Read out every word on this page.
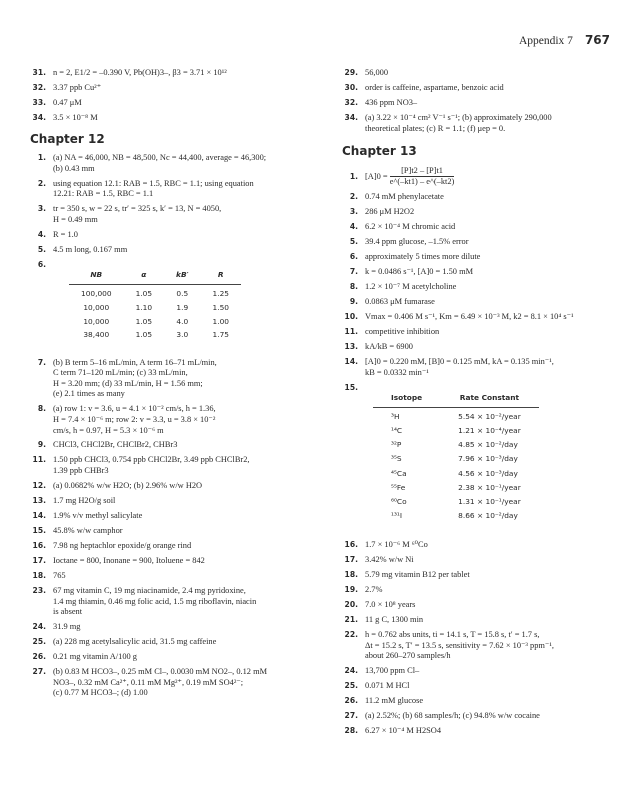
Appendix 7 767
31. n = 2, E1/2 = –0.390 V, Pb(OH)3–, β3 = 3.71 × 10¹²
32. 3.37 ppb Cu²⁺
33. 0.47 μM
34. 3.5 × 10⁻⁸ M
Chapter 12
1. (a) NA = 46,000, NB = 48,500, Nc = 44,400, average = 46,300;
(b) 0.43 mm
2. using equation 12.1: RAB = 1.5, RBC = 1.1; using equation
12.21: RAB = 1.5, RBC = 1.1
3. tr = 350 s, w = 22 s, tr′ = 325 s, k′ = 13, N = 4050,
H = 0.49 mm
4. R = 1.0
5. 4.5 m long, 0.167 mm
6.

NB	α	kB′	R
100,000	1.05	0.5	1.25
10,000	1.10	1.9	1.50
10,000	1.05	4.0	1.00
38,400	1.05	3.0	1.75

7. (b) B term 5–16 mL/min, A term 16–71 mL/min,
C term 71–120 mL/min; (c) 33 mL/min,
H = 3.20 mm; (d) 33 mL/min, H = 1.56 mm;
(e) 2.1 times as many
8. (a) row 1: v = 3.6, u = 4.1 × 10⁻² cm/s, h = 1.36,
H = 7.4 × 10⁻⁶ m; row 2: v = 3.3, u = 3.8 × 10⁻²
cm/s, h = 0.97, H = 5.3 × 10⁻⁶ m
9. CHCl3, CHCl2Br, CHClBr2, CHBr3
11. 1.50 ppb CHCl3, 0.754 ppb CHCl2Br, 3.49 ppb CHClBr2,
1.39 ppb CHBr3
12. (a) 0.0682% w/w H2O; (b) 2.96% w/w H2O
13. 1.7 mg H2O/g soil
14. 1.9% v/v methyl salicylate
15. 45.8% w/w camphor
16. 7.98 ng heptachlor epoxide/g orange rind
17. Ioctane = 800, Inonane = 900, Itoluene = 842
18. 765
23. 67 mg vitamin C, 19 mg niacinamide, 2.4 mg pyridoxine,
1.4 mg thiamin, 0.46 mg folic acid, 1.5 mg riboflavin, niacin
is absent
24. 31.9 mg
25. (a) 228 mg acetylsalicylic acid, 31.5 mg caffeine
26. 0.21 mg vitamin A/100 g
27. (b) 0.83 M HCO3–, 0.25 mM Cl–, 0.0030 mM NO2–, 0.12 mM
NO3–, 0.32 mM Ca²⁺, 0.11 mM Mg²⁺, 0.19 mM SO4²⁻;
(c) 0.77 M HCO3–; (d) 1.00
29. 56,000
30. order is caffeine, aspartame, benzoic acid
32. 436 ppm NO3–
34. (a) 3.22 × 10⁻⁴ cm² V⁻¹ s⁻¹; (b) approximately 290,000
theoretical plates; (c) R = 1.1; (f) μep = 0.
Chapter 13
1. $[A]0 = \frac{[P]t2 - [P]t1}{e\^{}(-kt1) - e\^{}(-kt2)}$
2. 0.74 mM phenylacetate
3. 286 μM H2O2
4. 6.2 × 10⁻⁴ M chromic acid
5. 39.4 ppm glucose, –1.5% error
6. approximately 5 times more dilute
7. k = 0.0486 s⁻¹, [A]0 = 1.50 mM
8. 1.2 × 10⁻⁷ M acetylcholine
9. 0.0863 μM fumarase
10. Vmax = 0.406 M s⁻¹, Km = 6.49 × 10⁻³ M, k2 = 8.1 × 10⁴ s⁻¹
11. competitive inhibition
13. kA/kB = 6900
14. [A]0 = 0.220 mM, [B]0 = 0.125 mM, kA = 0.135 min⁻¹,
kB = 0.0332 min⁻¹
15.

Isotope	Rate Constant
³H	5.54 × 10⁻²/year
¹⁴C	1.21 × 10⁻⁴/year
³²P	4.85 × 10⁻²/day
³⁵S	7.96 × 10⁻³/day
⁴⁵Ca	4.56 × 10⁻³/day
⁵⁵Fe	2.38 × 10⁻¹/year
⁶⁰Co	1.31 × 10⁻¹/year
¹³¹I	8.66 × 10⁻²/day

16. 1.7 × 10⁻⁶ M ⁶⁰Co
17. 3.42% w/w Ni
18. 5.79 mg vitamin B12 per tablet
19. 2.7%
20. 7.0 × 10⁸ years
21. 11 g C, 1300 min
22. h = 0.762 abs units, ti = 14.1 s, T = 15.8 s, t′ = 1.7 s,
Δt = 15.2 s, T′ = 13.5 s, sensitivity = 7.62 × 10⁻³ ppm⁻¹,
about 260–270 samples/h
24. 13,700 ppm Cl–
25. 0.071 M HCl
26. 11.2 mM glucose
27. (a) 2.52%; (b) 68 samples/h; (c) 94.8% w/w cocaine
28. 6.27 × 10⁻⁴ M H2SO4
